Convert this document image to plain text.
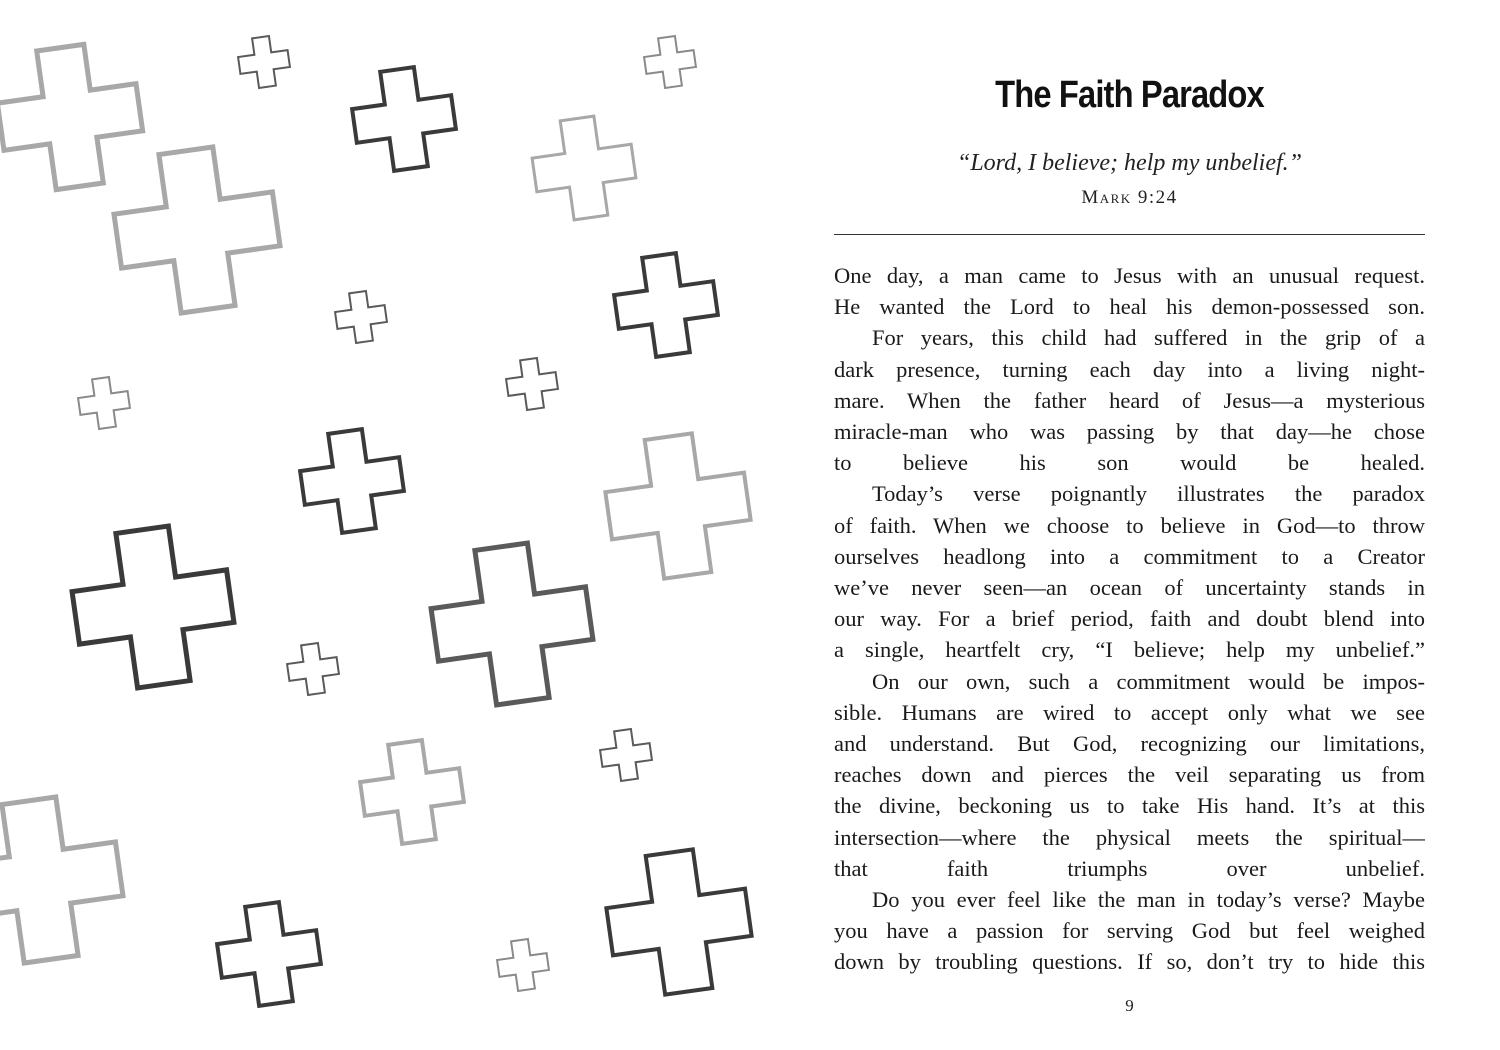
The Faith Paradox
“Lord, I believe; help my unbelief.”
Mark 9:24
One day, a man came to Jesus with an unusual request.
He wanted the Lord to heal his demon-possessed son.
For years, this child had suffered in the grip of a
dark presence, turning each day into a living night-
mare. When the father heard of Jesus—a mysterious
miracle-man who was passing by that day—he chose
to believe his son would be healed.
Today’s verse poignantly illustrates the paradox
of faith. When we choose to believe in God—to throw
ourselves headlong into a commitment to a Creator
we’ve never seen—an ocean of uncertainty stands in
our way. For a brief period, faith and doubt blend into
a single, heartfelt cry, “I believe; help my unbelief.”
On our own, such a commitment would be impos-
sible. Humans are wired to accept only what we see
and understand. But God, recognizing our limitations,
reaches down and pierces the veil separating us from
the divine, beckoning us to take His hand. It’s at this
intersection—where the physical meets the spiritual—
that faith triumphs over unbelief.
Do you ever feel like the man in today’s verse? Maybe
you have a passion for serving God but feel weighed
down by troubling questions. If so, don’t try to hide this
9
